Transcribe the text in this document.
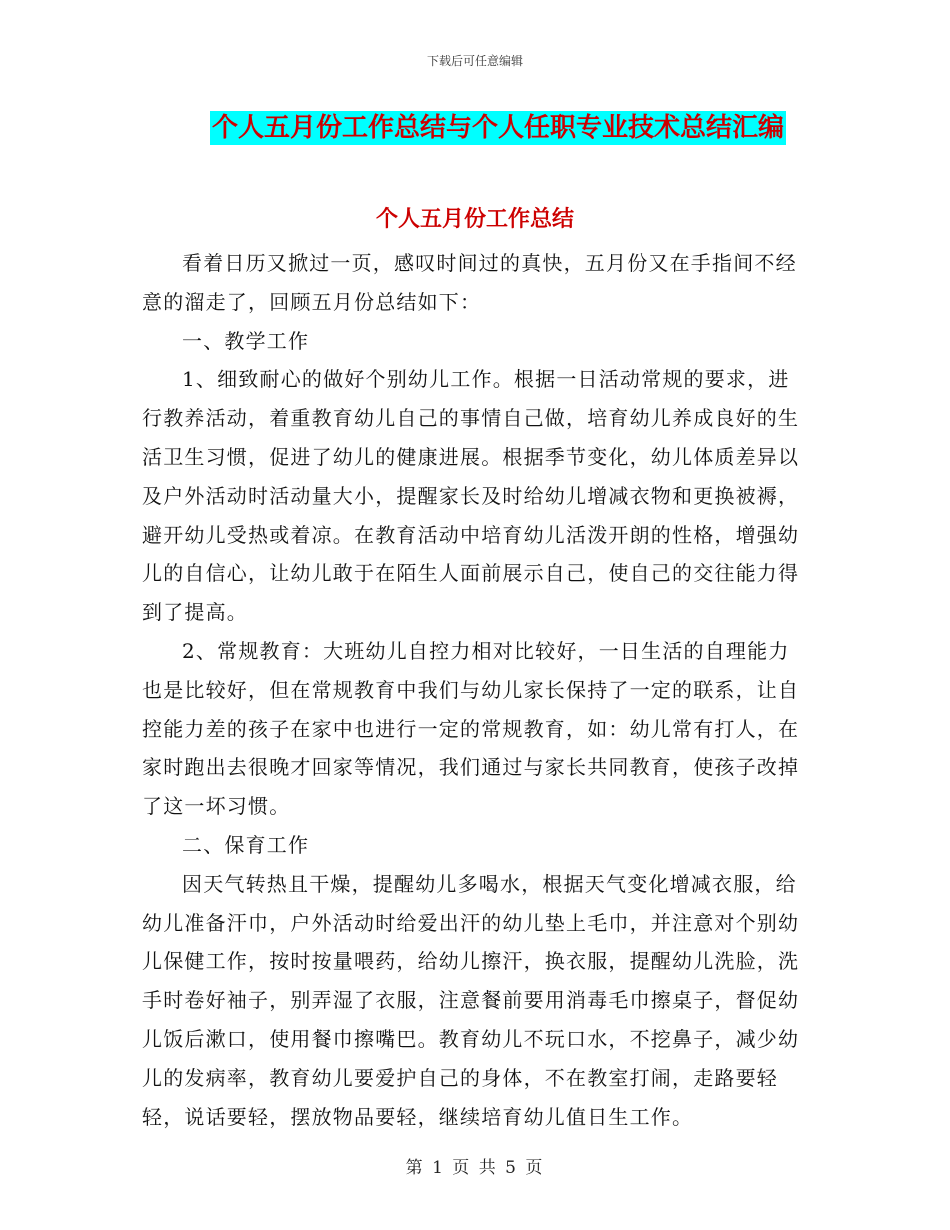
下载后可任意编辑
个人五月份工作总结与个人任职专业技术总结汇编
个人五月份工作总结

看着日历又掀过一页，感叹时间过的真快，五月份又在手指间不经意的溜走了，回顾五月份总结如下：

一、教学工作

1、细致耐心的做好个别幼儿工作。根据一日活动常规的要求，进行教养活动，着重教育幼儿自己的事情自己做，培育幼儿养成良好的生活卫生习惯，促进了幼儿的健康进展。根据季节变化，幼儿体质差异以及户外活动时活动量大小，提醒家长及时给幼儿增减衣物和更换被褥，避开幼儿受热或着凉。在教育活动中培育幼儿活泼开朗的性格，增强幼儿的自信心，让幼儿敢于在陌生人面前展示自己，使自己的交往能力得到了提高。

2、常规教育：大班幼儿自控力相对比较好，一日生活的自理能力也是比较好，但在常规教育中我们与幼儿家长保持了一定的联系，让自控能力差的孩子在家中也进行一定的常规教育，如：幼儿常有打人，在家时跑出去很晚才回家等情况，我们通过与家长共同教育，使孩子改掉了这一坏习惯。

二、保育工作

因天气转热且干燥，提醒幼儿多喝水，根据天气变化增减衣服，给幼儿准备汗巾，户外活动时给爱出汗的幼儿垫上毛巾，并注意对个别幼儿保健工作，按时按量喂药，给幼儿擦汗，换衣服，提醒幼儿洗脸，洗手时卷好袖子，别弄湿了衣服，注意餐前要用消毒毛巾擦桌子，督促幼儿饭后漱口，使用餐巾擦嘴巴。教育幼儿不玩口水，不挖鼻子，减少幼儿的发病率，教育幼儿要爱护自己的身体，不在教室打闹，走路要轻轻，说话要轻，摆放物品要轻，继续培育幼儿值日生工作。

第 1 页 共 5 页
